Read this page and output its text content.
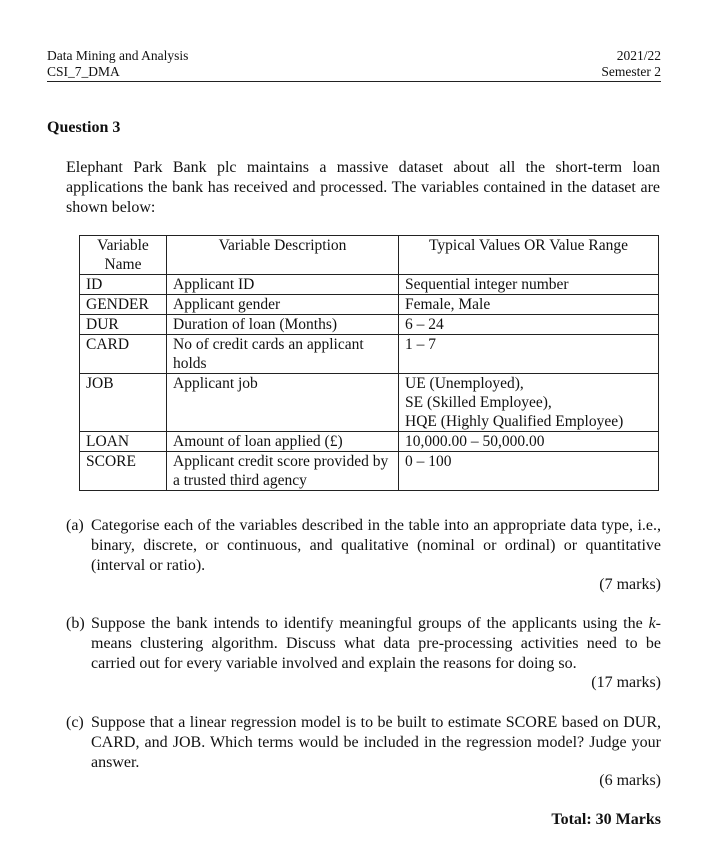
Data Mining and Analysis
CSI_7_DMA
2021/22
Semester 2
Question 3
Elephant Park Bank plc maintains a massive dataset about all the short-term loan applications the bank has received and processed. The variables contained in the dataset are shown below:
Variable Name	Variable Description	Typical Values OR Value Range
ID	Applicant ID	Sequential integer number
GENDER	Applicant gender	Female, Male
DUR	Duration of loan (Months)	6 – 24
CARD	No of credit cards an applicant holds	1 – 7
JOB	Applicant job	UE (Unemployed),
SE (Skilled Employee),
HQE (Highly Qualified Employee)
LOAN	Amount of loan applied (£)	10,000.00 – 50,000.00
SCORE	Applicant credit score provided by a trusted third agency	0 – 100
(a) Categorise each of the variables described in the table into an appropriate data type, i.e., binary, discrete, or continuous, and qualitative (nominal or ordinal) or quantitative (interval or ratio).
(7 marks)
(b) Suppose the bank intends to identify meaningful groups of the applicants using the k-means clustering algorithm. Discuss what data pre-processing activities need to be carried out for every variable involved and explain the reasons for doing so.
(17 marks)
(c) Suppose that a linear regression model is to be built to estimate SCORE based on DUR, CARD, and JOB. Which terms would be included in the regression model? Judge your answer.
(6 marks)
Total: 30 Marks
